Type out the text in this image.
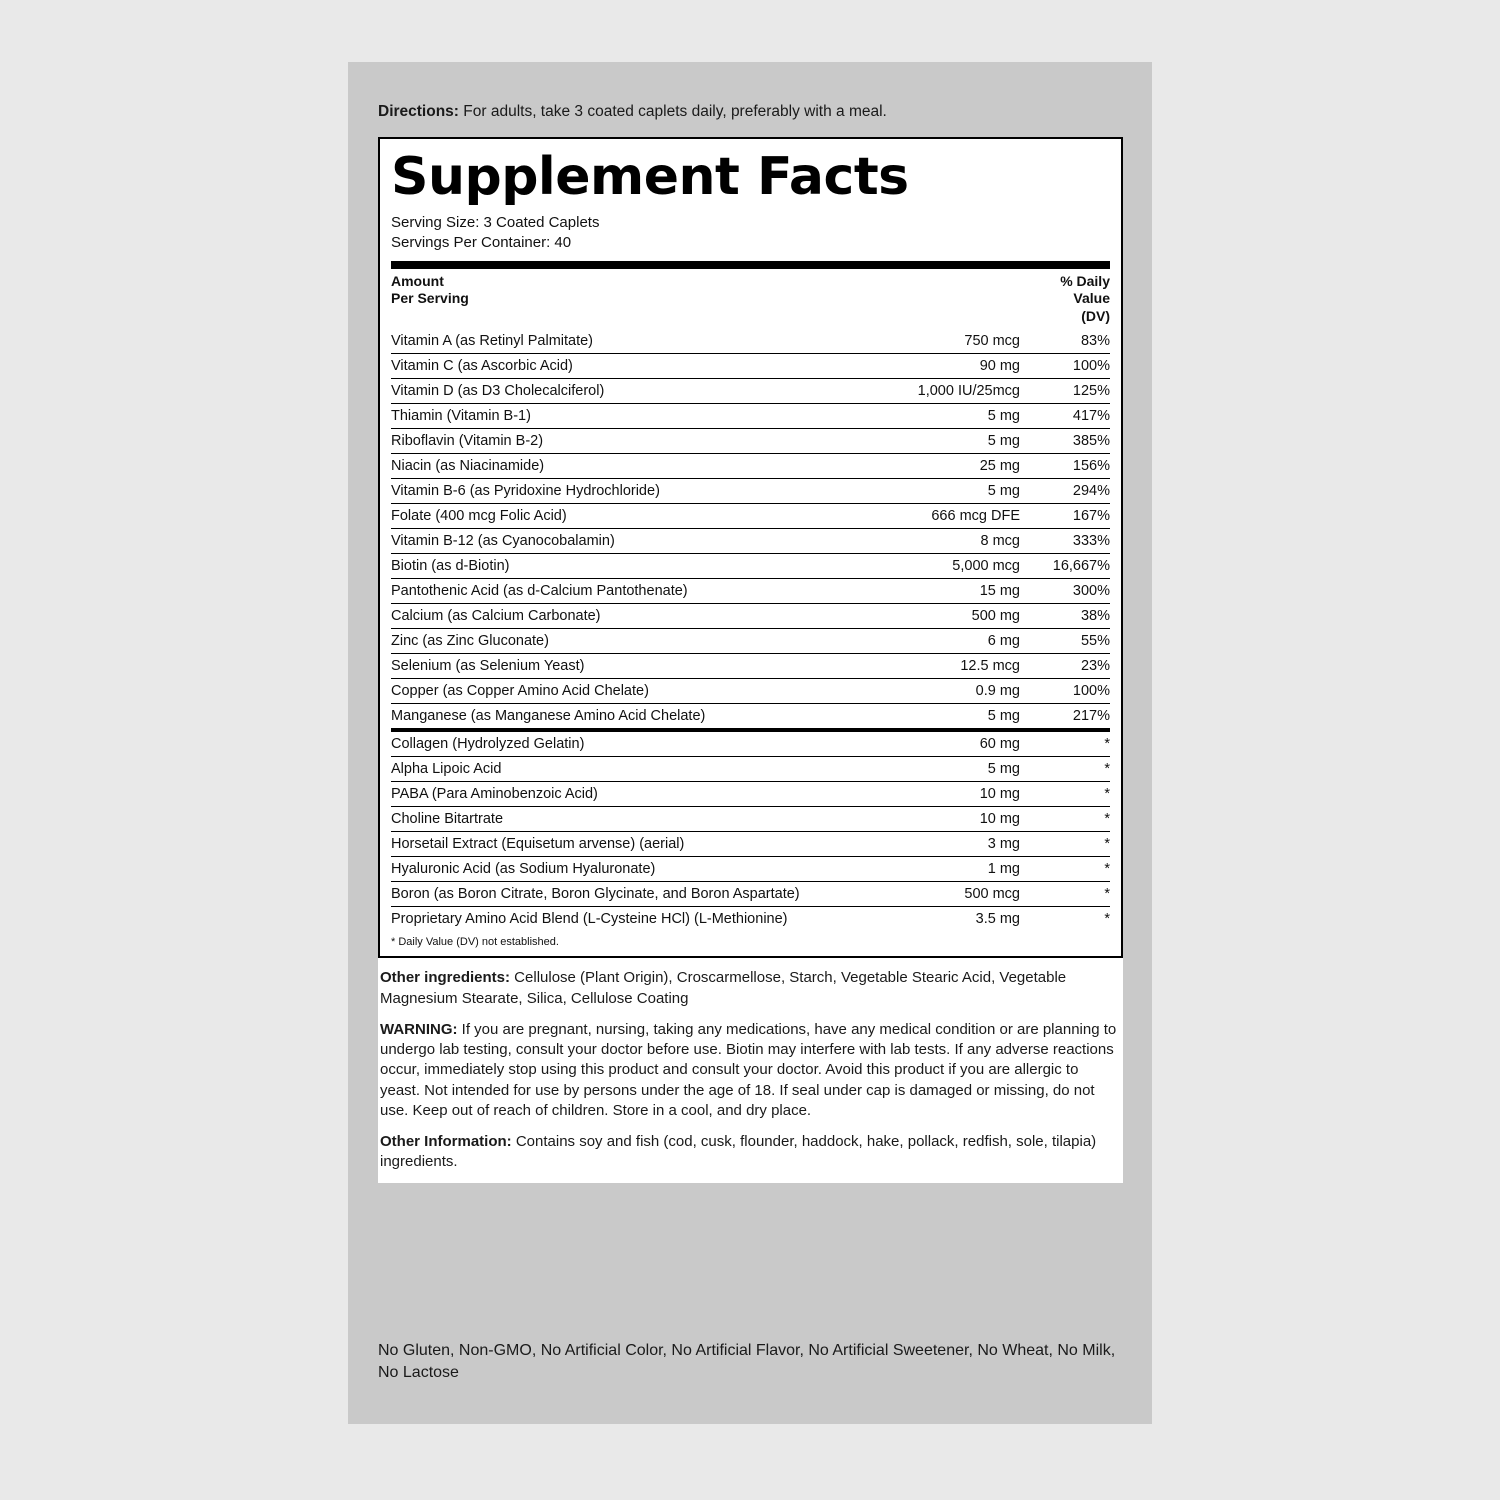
Directions: For adults, take 3 coated caplets daily, preferably with a meal.
Supplement Facts
Serving Size: 3 Coated Caplets
Servings Per Container: 40
Amount
Per Serving

% Daily
Value
(DV)

Vitamin A (as Retinyl Palmitate)	750 mcg	83%
Vitamin C (as Ascorbic Acid)	90 mg	100%
Vitamin D (as D3 Cholecalciferol)	1,000 IU/25mcg	125%
Thiamin (Vitamin B-1)	5 mg	417%
Riboflavin (Vitamin B-2)	5 mg	385%
Niacin (as Niacinamide)	25 mg	156%
Vitamin B-6 (as Pyridoxine Hydrochloride)	5 mg	294%
Folate (400 mcg Folic Acid)	666 mcg DFE	167%
Vitamin B-12 (as Cyanocobalamin)	8 mcg	333%
Biotin (as d-Biotin)	5,000 mcg	16,667%
Pantothenic Acid (as d-Calcium Pantothenate)	15 mg	300%
Calcium (as Calcium Carbonate)	500 mg	38%
Zinc (as Zinc Gluconate)	6 mg	55%
Selenium (as Selenium Yeast)	12.5 mcg	23%
Copper (as Copper Amino Acid Chelate)	0.9 mg	100%
Manganese (as Manganese Amino Acid Chelate)	5 mg	217%
Collagen (Hydrolyzed Gelatin)	60 mg	*
Alpha Lipoic Acid	5 mg	*
PABA (Para Aminobenzoic Acid)	10 mg	*
Choline Bitartrate	10 mg	*
Horsetail Extract (Equisetum arvense) (aerial)	3 mg	*
Hyaluronic Acid (as Sodium Hyaluronate)	1 mg	*
Boron (as Boron Citrate, Boron Glycinate, and Boron Aspartate)	500 mcg	*
Proprietary Amino Acid Blend (L-Cysteine HCl) (L-Methionine)	3.5 mg	*
* Daily Value (DV) not established.

Other ingredients: Cellulose (Plant Origin), Croscarmellose, Starch, Vegetable Stearic Acid, Vegetable Magnesium Stearate, Silica, Cellulose Coating

WARNING: If you are pregnant, nursing, taking any medications, have any medical condition or are planning to undergo lab testing, consult your doctor before use. Biotin may interfere with lab tests. If any adverse reactions occur, immediately stop using this product and consult your doctor. Avoid this product if you are allergic to yeast. Not intended for use by persons under the age of 18. If seal under cap is damaged or missing, do not use. Keep out of reach of children. Store in a cool, and dry place.

Other Information: Contains soy and fish (cod, cusk, flounder, haddock, hake, pollack, redfish, sole, tilapia) ingredients.

No Gluten, Non-GMO, No Artificial Color, No Artificial Flavor, No Artificial Sweetener, No Wheat, No Milk, No Lactose
